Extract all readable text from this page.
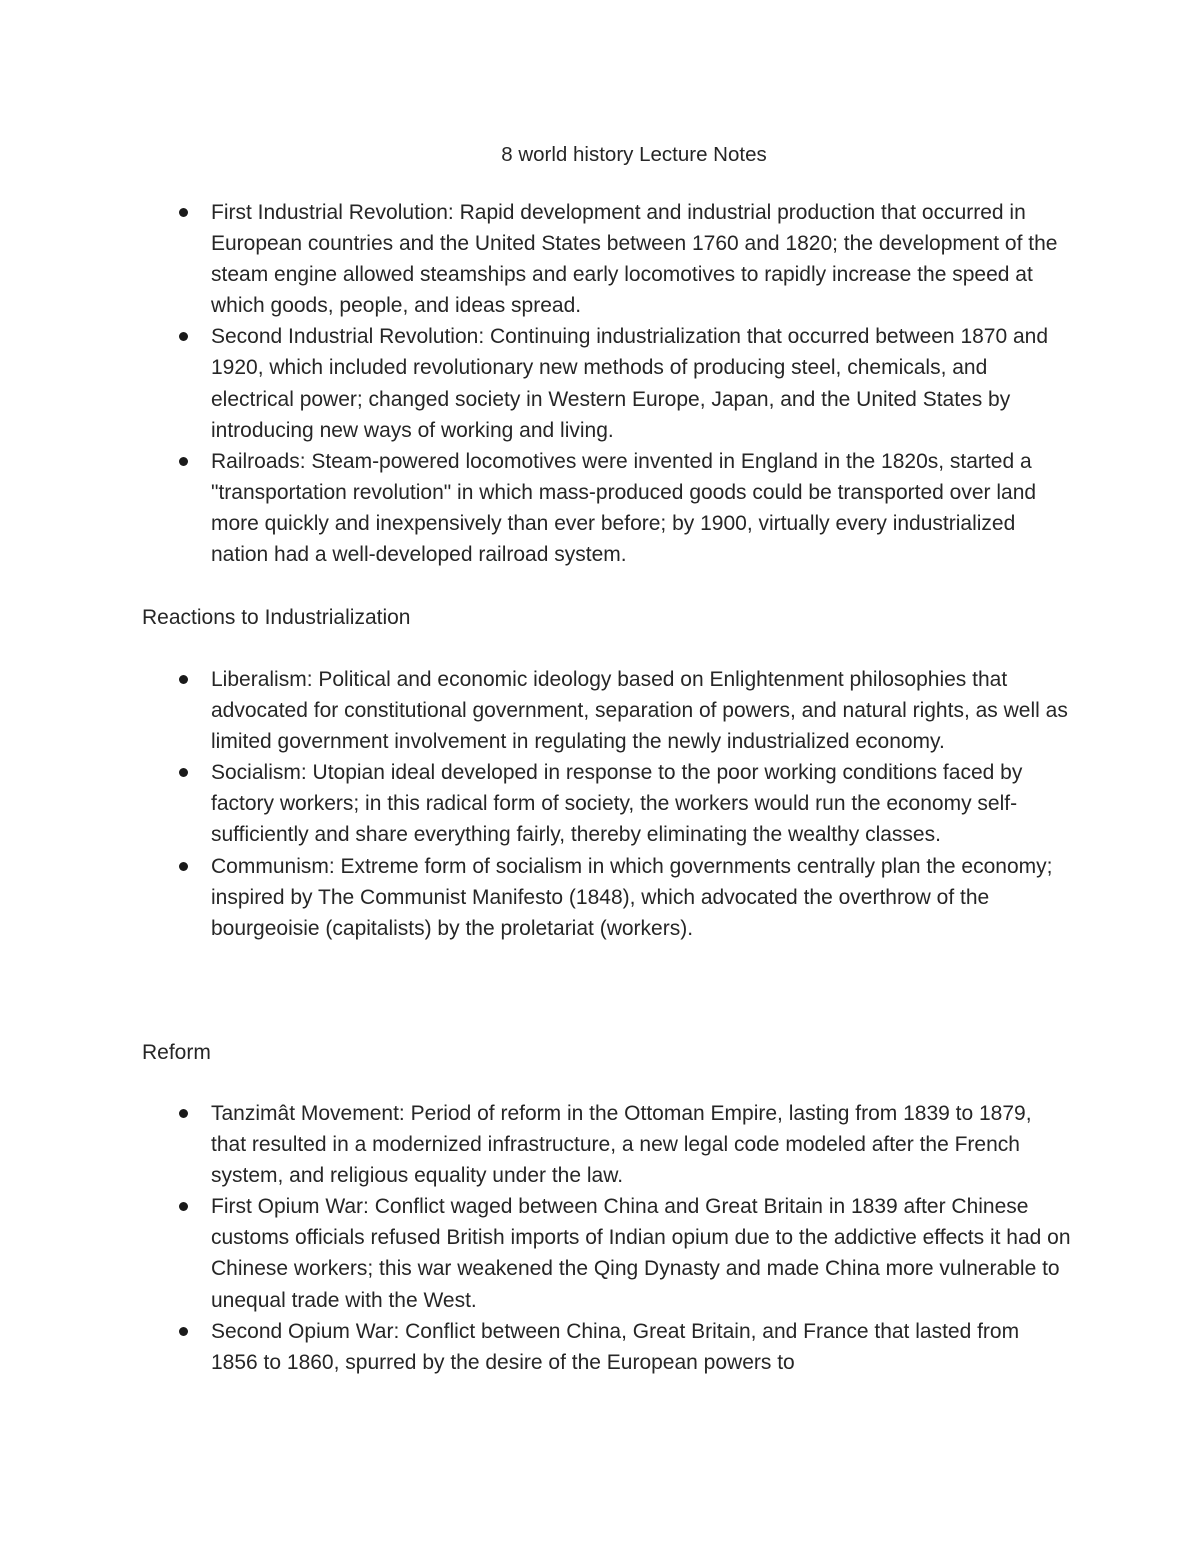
8 world history Lecture Notes
First Industrial Revolution: Rapid development and industrial production that occurred in European countries and the United States between 1760 and 1820; the development of the steam engine allowed steamships and early locomotives to rapidly increase the speed at which goods, people, and ideas spread.
Second Industrial Revolution: Continuing industrialization that occurred between 1870 and 1920, which included revolutionary new methods of producing steel, chemicals, and electrical power; changed society in Western Europe, Japan, and the United States by introducing new ways of working and living.
Railroads: Steam-powered locomotives were invented in England in the 1820s, started a "transportation revolution" in which mass-produced goods could be transported over land more quickly and inexpensively than ever before; by 1900, virtually every industrialized nation had a well-developed railroad system.
Reactions to Industrialization
Liberalism: Political and economic ideology based on Enlightenment philosophies that advocated for constitutional government, separation of powers, and natural rights, as well as limited government involvement in regulating the newly industrialized economy.
Socialism: Utopian ideal developed in response to the poor working conditions faced by factory workers; in this radical form of society, the workers would run the economy self-sufficiently and share everything fairly, thereby eliminating the wealthy classes.
Communism: Extreme form of socialism in which governments centrally plan the economy; inspired by The Communist Manifesto (1848), which advocated the overthrow of the bourgeoisie (capitalists) by the proletariat (workers).
Reform
Tanzimât Movement: Period of reform in the Ottoman Empire, lasting from 1839 to 1879, that resulted in a modernized infrastructure, a new legal code modeled after the French system, and religious equality under the law.
First Opium War: Conflict waged between China and Great Britain in 1839 after Chinese customs officials refused British imports of Indian opium due to the addictive effects it had on Chinese workers; this war weakened the Qing Dynasty and made China more vulnerable to unequal trade with the West.
Second Opium War: Conflict between China, Great Britain, and France that lasted from 1856 to 1860, spurred by the desire of the European powers to
